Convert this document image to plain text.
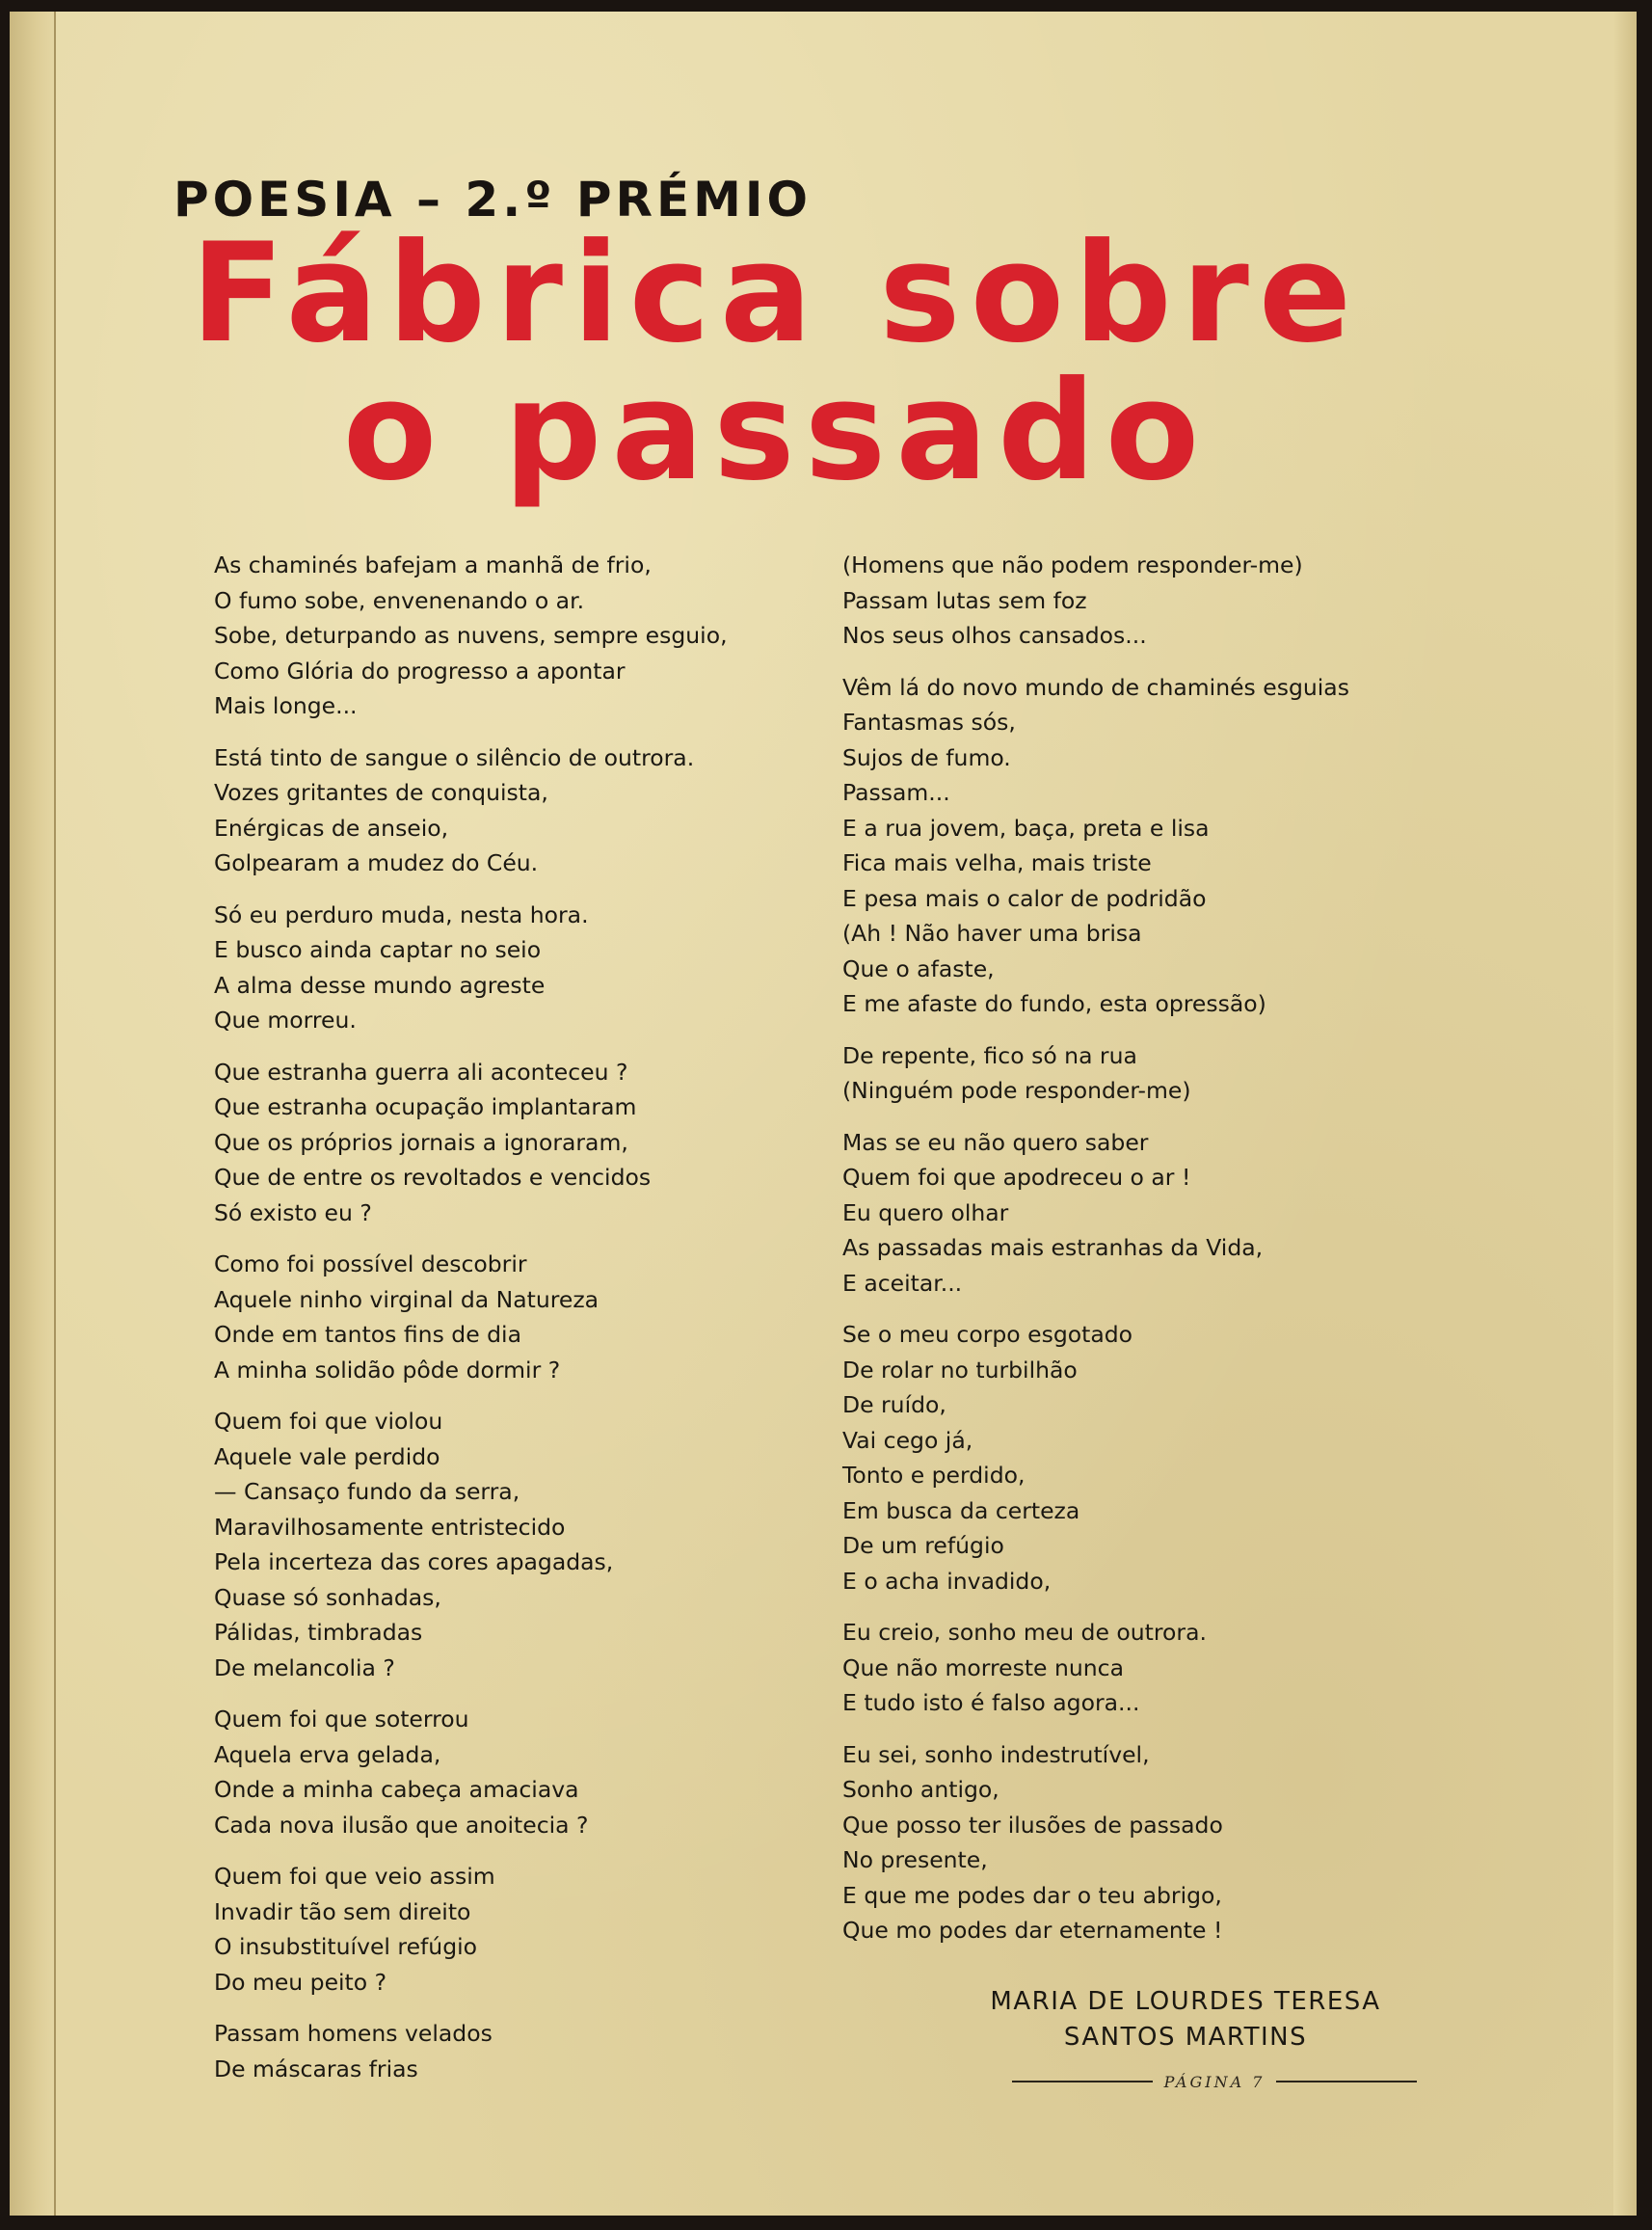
POESIA – 2.º PRÉMIO
Fábrica sobre
o passado
As chaminés bafejam a manhã de frio,
O fumo sobe, envenenando o ar.
Sobe, deturpando as nuvens, sempre esguio,
Como Glória do progresso a apontar
Mais longe...
Está tinto de sangue o silêncio de outrora.
Vozes gritantes de conquista,
Enérgicas de anseio,
Golpearam a mudez do Céu.
Só eu perduro muda, nesta hora.
E busco ainda captar no seio
A alma desse mundo agreste
Que morreu.
Que estranha guerra ali aconteceu ?
Que estranha ocupação implantaram
Que os próprios jornais a ignoraram,
Que de entre os revoltados e vencidos
Só existo eu ?
Como foi possível descobrir
Aquele ninho virginal da Natureza
Onde em tantos fins de dia
A minha solidão pôde dormir ?
Quem foi que violou
Aquele vale perdido
— Cansaço fundo da serra,
Maravilhosamente entristecido
Pela incerteza das cores apagadas,
Quase só sonhadas,
Pálidas, timbradas
De melancolia ?
Quem foi que soterrou
Aquela erva gelada,
Onde a minha cabeça amaciava
Cada nova ilusão que anoitecia ?
Quem foi que veio assim
Invadir tão sem direito
O insubstituível refúgio
Do meu peito ?
Passam homens velados
De máscaras frias
(Homens que não podem responder-me)
Passam lutas sem foz
Nos seus olhos cansados...
Vêm lá do novo mundo de chaminés esguias
Fantasmas sós,
Sujos de fumo.
Passam...
E a rua jovem, baça, preta e lisa
Fica mais velha, mais triste
E pesa mais o calor de podridão
(Ah ! Não haver uma brisa
Que o afaste,
E me afaste do fundo, esta opressão)
De repente, fico só na rua
(Ninguém pode responder-me)
Mas se eu não quero saber
Quem foi que apodreceu o ar !
Eu quero olhar
As passadas mais estranhas da Vida,
E aceitar...
Se o meu corpo esgotado
De rolar no turbilhão
De ruído,
Vai cego já,
Tonto e perdido,
Em busca da certeza
De um refúgio
E o acha invadido,
Eu creio, sonho meu de outrora.
Que não morreste nunca
E tudo isto é falso agora...
Eu sei, sonho indestrutível,
Sonho antigo,
Que posso ter ilusões de passado
No presente,
E que me podes dar o teu abrigo,
Que mo podes dar eternamente !
MARIA DE LOURDES TERESA
SANTOS MARTINS
PÁGINA 7
